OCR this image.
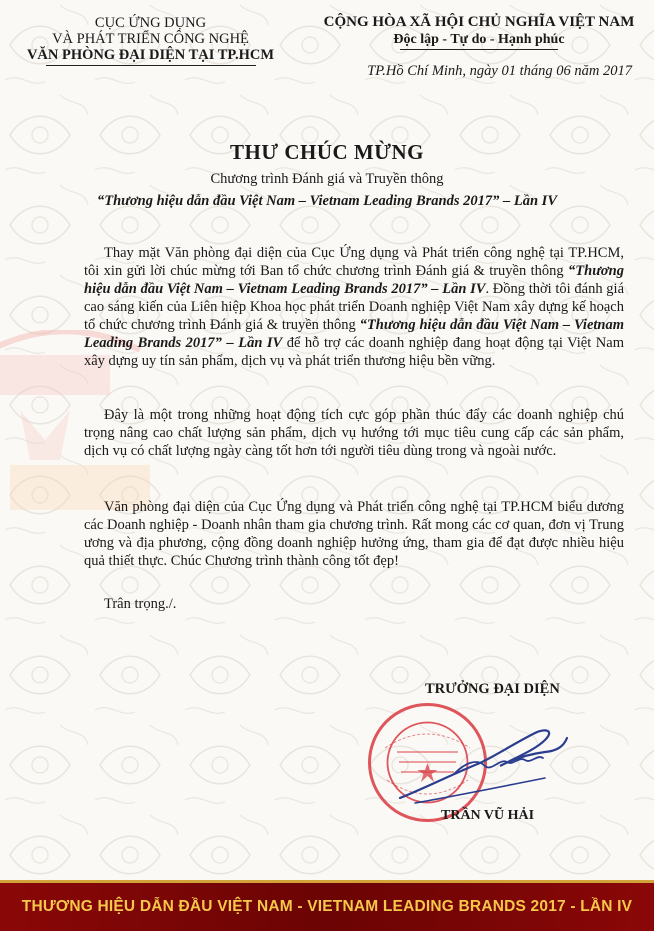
CỤC ỨNG DỤNG
VÀ PHÁT TRIỂN CÔNG NGHỆ
VĂN PHÒNG ĐẠI DIỆN TẠI TP.HCM
CỘNG HÒA XÃ HỘI CHỦ NGHĨA VIỆT NAM
Độc lập - Tự do - Hạnh phúc
TP.Hồ Chí Minh, ngày 01 tháng 06 năm 2017
THƯ CHÚC MỪNG
Chương trình Đánh giá và Truyền thông
“Thương hiệu dẫn đầu Việt Nam – Vietnam Leading Brands 2017” – Lần IV

Thay mặt Văn phòng đại diện của Cục Ứng dụng và Phát triển công nghệ tại TP.HCM, tôi xin gửi lời chúc mừng tới Ban tổ chức chương trình Đánh giá & truyền thông “Thương hiệu dẫn đầu Việt Nam – Vietnam Leading Brands 2017” – Lần IV. Đồng thời tôi đánh giá cao sáng kiến của Liên hiệp Khoa học phát triển Doanh nghiệp Việt Nam xây dựng kế hoạch tổ chức chương trình Đánh giá & truyền thông “Thương hiệu dẫn đầu Việt Nam – Vietnam Leading Brands 2017” – Lần IV để hỗ trợ các doanh nghiệp đang hoạt động tại Việt Nam xây dựng uy tín sản phẩm, dịch vụ và phát triển thương hiệu bền vững.

Đây là một trong những hoạt động tích cực góp phần thúc đẩy các doanh nghiệp chú trọng nâng cao chất lượng sản phẩm, dịch vụ hướng tới mục tiêu cung cấp các sản phẩm, dịch vụ có chất lượng ngày càng tốt hơn tới người tiêu dùng trong và ngoài nước.

Văn phòng đại diện của Cục Ứng dụng và Phát triển công nghệ tại TP.HCM biểu dương các Doanh nghiệp - Doanh nhân tham gia chương trình. Rất mong các cơ quan, đơn vị Trung ương và địa phương, cộng đồng doanh nghiệp hưởng ứng, tham gia để đạt được nhiều hiệu quả thiết thực. Chúc Chương trình thành công tốt đẹp!

Trân trọng./.
TRƯỞNG ĐẠI DIỆN
TRẦN VŨ HẢI
THƯƠNG HIỆU DẪN ĐẦU VIỆT NAM - VIETNAM LEADING BRANDS 2017 - LẦN IV
